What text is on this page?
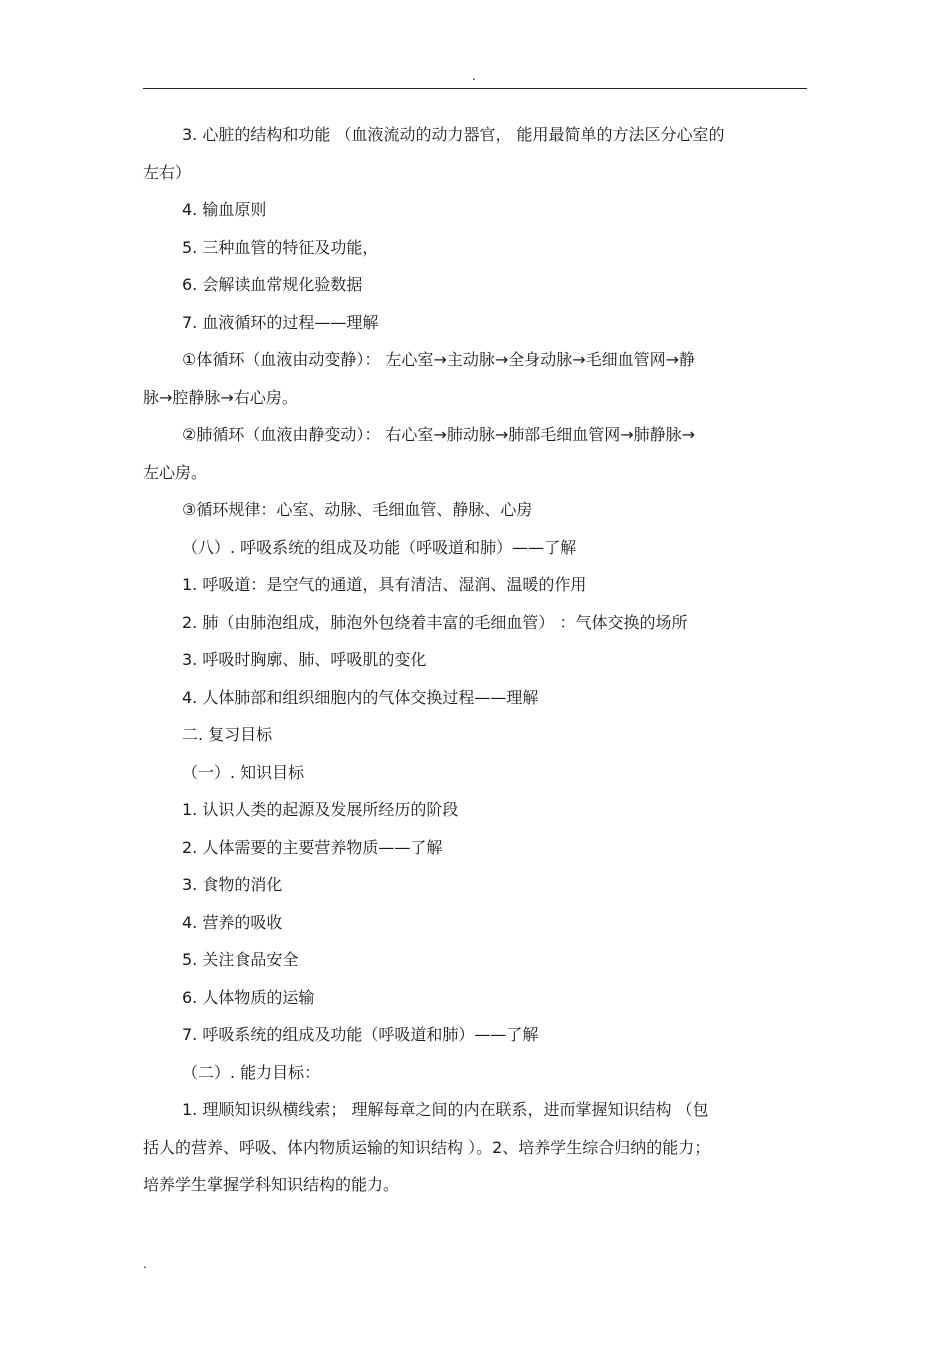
.
3. 心脏的结构和功能 （血液流动的动力器官， 能用最简单的方法区分心室的
左右）
4. 输血原则
5. 三种血管的特征及功能，
6. 会解读血常规化验数据
7. 血液循环的过程——理解
①体循环（血液由动变静）： 左心室→主动脉→全身动脉→毛细血管网→静
脉→腔静脉→右心房。
②肺循环（血液由静变动）： 右心室→肺动脉→肺部毛细血管网→肺静脉→
左心房。
③循环规律：心室、动脉、毛细血管、静脉、心房
（八）. 呼吸系统的组成及功能（呼吸道和肺）——了解
1. 呼吸道：是空气的通道，具有清洁、湿润、温暖的作用
2. 肺（由肺泡组成，肺泡外包绕着丰富的毛细血管） ：气体交换的场所
3. 呼吸时胸廓、肺、呼吸肌的变化
4. 人体肺部和组织细胞内的气体交换过程——理解
二. 复习目标
（一）. 知识目标
1. 认识人类的起源及发展所经历的阶段
2. 人体需要的主要营养物质——了解
3. 食物的消化
4. 营养的吸收
5. 关注食品安全
6. 人体物质的运输
7. 呼吸系统的组成及功能（呼吸道和肺）——了解
（二）. 能力目标：
1. 理顺知识纵横线索； 理解每章之间的内在联系，进而掌握知识结构 （包
括人的营养、呼吸、体内物质运输的知识结构 ）。2、培养学生综合归纳的能力；
培养学生掌握学科知识结构的能力。
.
